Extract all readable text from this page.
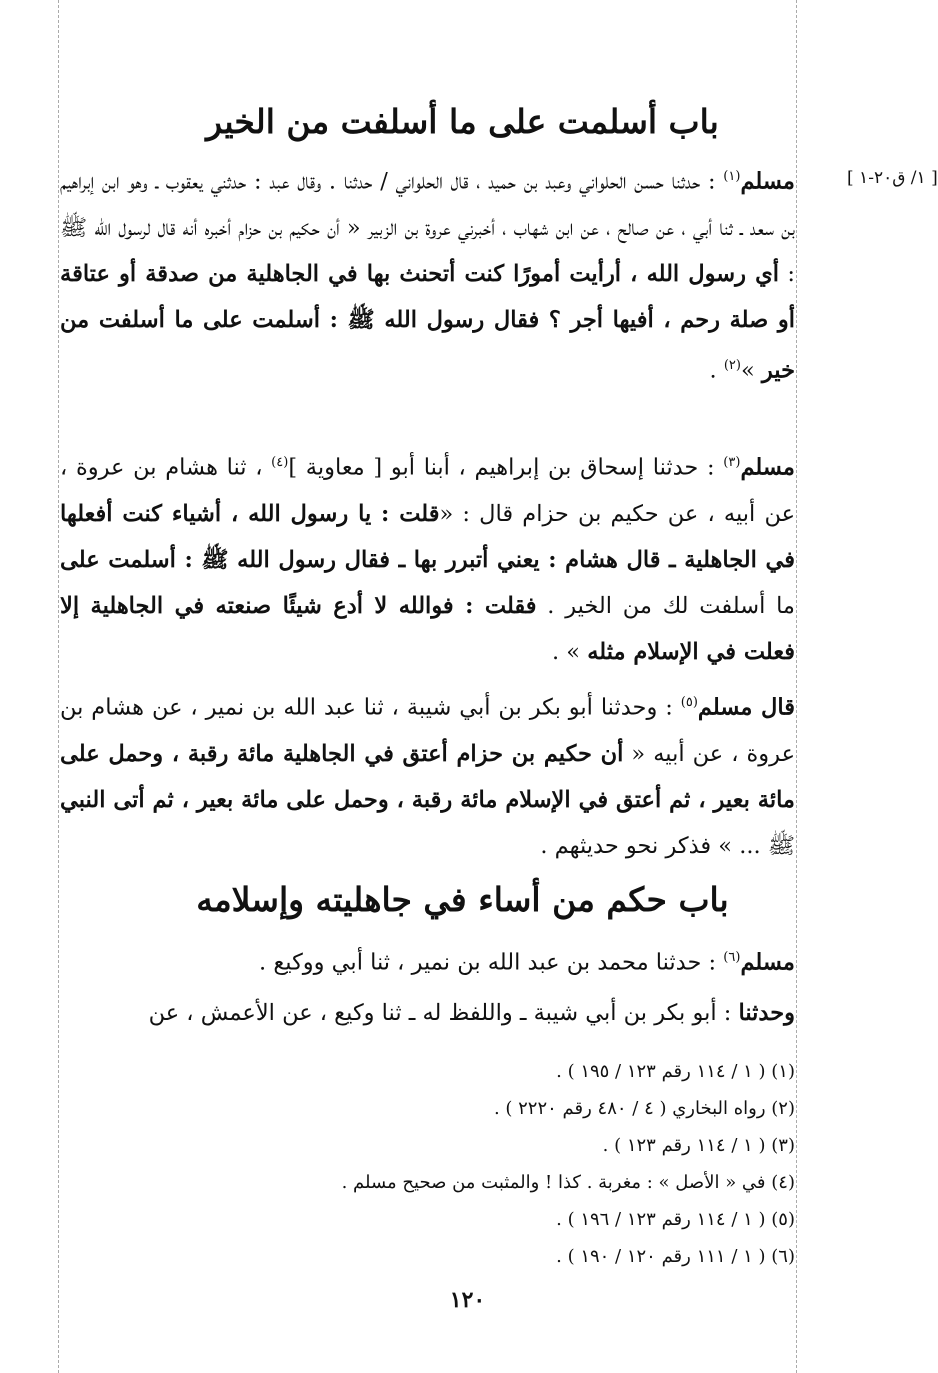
باب أسلمت على ما أسلفت من الخير
[ ١/ ق٢٠-١ ]

مسلم$^{(١)}$ : حدثنا حسن الحلواني وعبد بن حميد ، قال الحلواني / حدثنا . وقال عبد : حدثني يعقوب ـ وهو ابن إبراهيم بن سعد ـ ثنا أبي ، عن صالح ، عن ابن شهاب ، أخبرني عروة بن الزبير « أن حكيم بن حزام أخبره أنه قال لرسول الله ﷺ : أي رسول الله ، أرأيت أمورًا كنت أتحنث بها في الجاهلية من صدقة أو عتاقة أو صلة رحم ، أفيها أجر ؟ فقال رسول الله ﷺ : أسلمت على ما أسلفت من خير »$^{(٢)}$ .

مسلم$^{(٣)}$ : حدثنا إسحاق بن إبراهيم ، أبنا أبو [ معاوية ]$^{(٤)}$ ، ثنا هشام بن عروة ، عن أبيه ، عن حكيم بن حزام قال : «قلت : يا رسول الله ، أشياء كنت أفعلها في الجاهلية ـ قال هشام : يعني أتبرر بها ـ فقال رسول الله ﷺ : أسلمت على ما أسلفت لك من الخير . فقلت : فوالله لا أدع شيئًا صنعته في الجاهلية إلا فعلت في الإسلام مثله » .

قال مسلم$^{(٥)}$ : وحدثنا أبو بكر بن أبي شيبة ، ثنا عبد الله بن نمير ، عن هشام بن عروة ، عن أبيه « أن حكيم بن حزام أعتق في الجاهلية مائة رقبة ، وحمل على مائة بعير ، ثم أعتق في الإسلام مائة رقبة ، وحمل على مائة بعير ، ثم أتى النبي ﷺ ... » فذكر نحو حديثهم .

باب حكم من أساء في جاهليته وإسلامه

مسلم$^{(٦)}$ : حدثنا محمد بن عبد الله بن نمير ، ثنا أبي ووكيع .

وحدثنا : أبو بكر بن أبي شيبة ـ واللفظ له ـ ثنا وكيع ، عن الأعمش ، عن

(١) ( ١ / ١١٤ رقم ١٢٣ / ١٩٥ ) .
(٢) رواه البخاري ( ٤ / ٤٨٠ رقم ٢٢٢٠ ) .
(٣) ( ١ / ١١٤ رقم ١٢٣ ) .
(٤) في « الأصل » : مغربة . كذا ! والمثبت من صحيح مسلم .
(٥) ( ١ / ١١٤ رقم ١٢٣ / ١٩٦ ) .
(٦) ( ١ / ١١١ رقم ١٢٠ / ١٩٠ ) .
١٢٠
